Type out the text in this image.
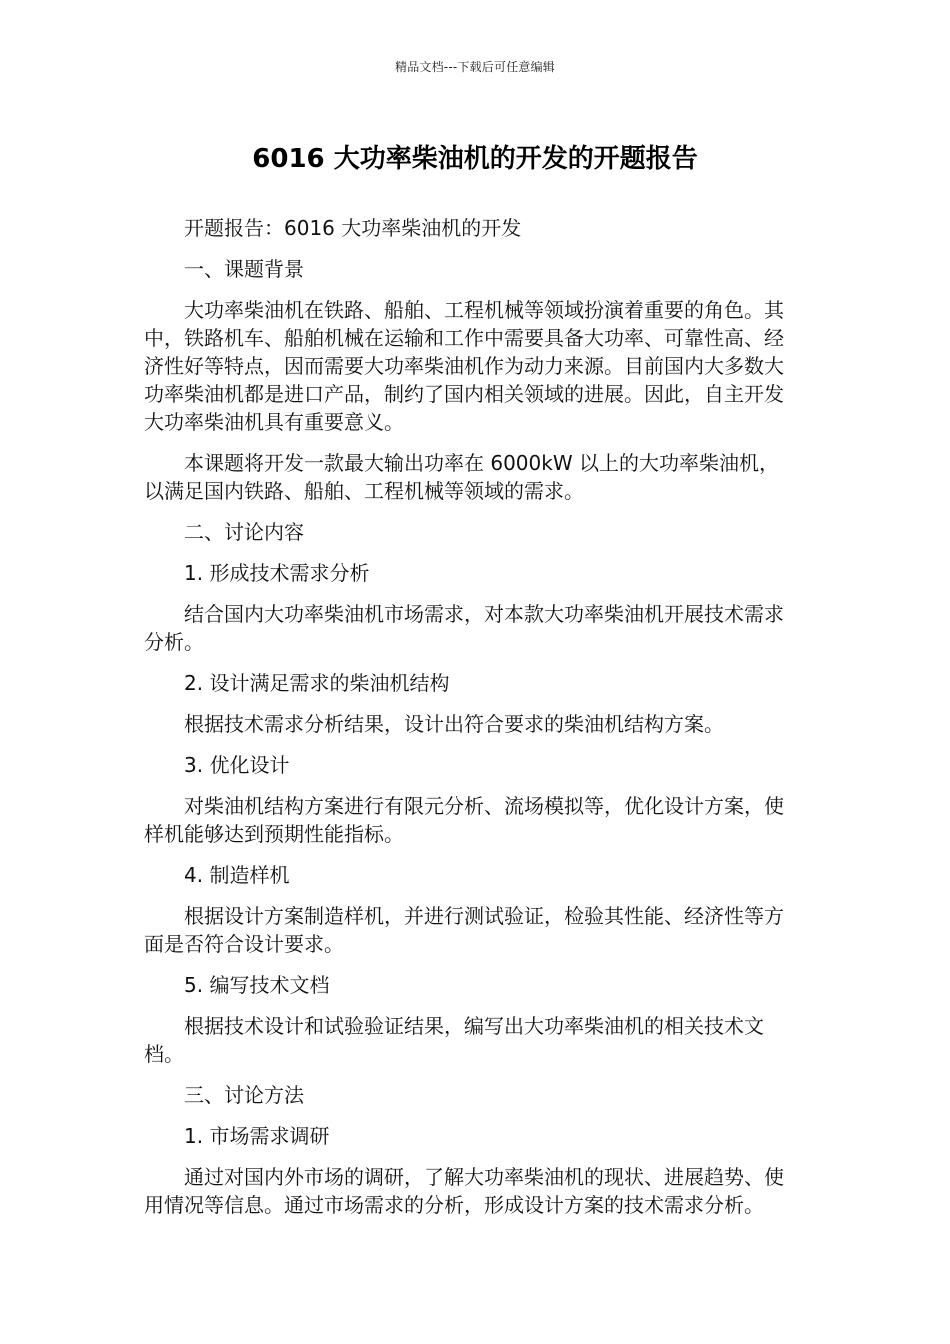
精品文档---下载后可任意编辑
6016 大功率柴油机的开发的开题报告

开题报告：6016 大功率柴油机的开发

一、课题背景

大功率柴油机在铁路、船舶、工程机械等领域扮演着重要的角色。其中，铁路机车、船舶机械在运输和工作中需要具备大功率、可靠性高、经济性好等特点，因而需要大功率柴油机作为动力来源。目前国内大多数大功率柴油机都是进口产品，制约了国内相关领域的进展。因此，自主开发大功率柴油机具有重要意义。

本课题将开发一款最大输出功率在 6000kW 以上的大功率柴油机，以满足国内铁路、船舶、工程机械等领域的需求。

二、讨论内容

1. 形成技术需求分析

结合国内大功率柴油机市场需求，对本款大功率柴油机开展技术需求分析。

2. 设计满足需求的柴油机结构

根据技术需求分析结果，设计出符合要求的柴油机结构方案。

3. 优化设计

对柴油机结构方案进行有限元分析、流场模拟等，优化设计方案，使样机能够达到预期性能指标。

4. 制造样机

根据设计方案制造样机，并进行测试验证，检验其性能、经济性等方面是否符合设计要求。

5. 编写技术文档

根据技术设计和试验验证结果，编写出大功率柴油机的相关技术文档。

三、讨论方法

1. 市场需求调研

通过对国内外市场的调研，了解大功率柴油机的现状、进展趋势、使用情况等信息。通过市场需求的分析，形成设计方案的技术需求分析。
